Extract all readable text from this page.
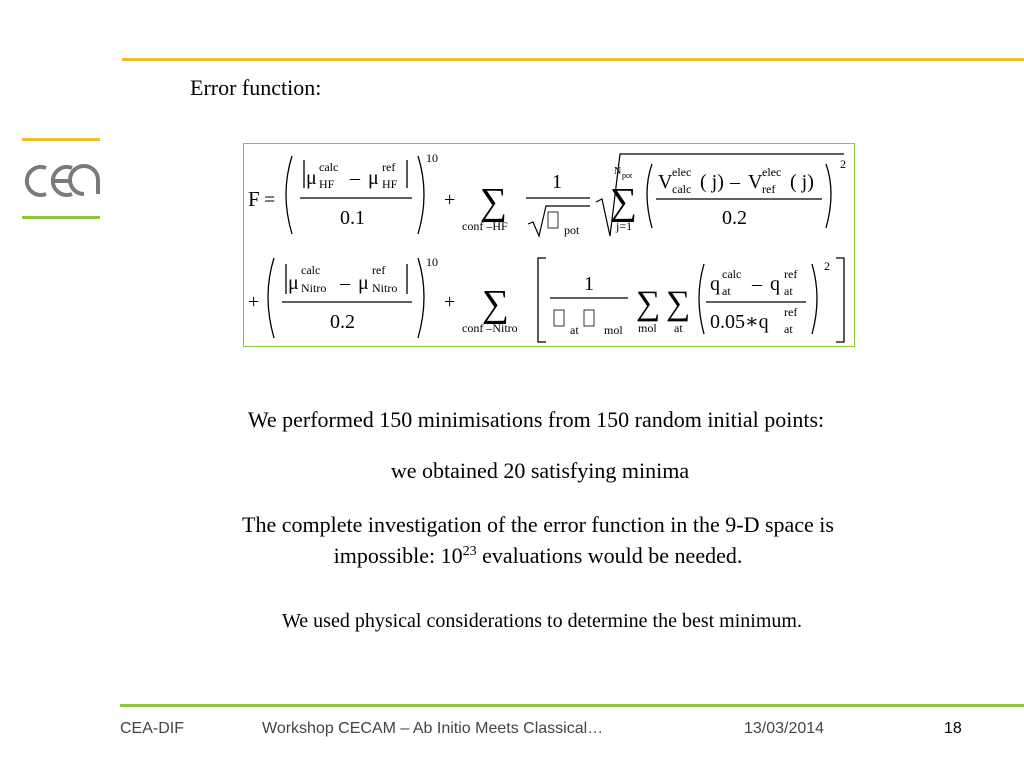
Error function:
F =
μ calc
HF – μ ref
HF
0.1
10
+ ∑
conf –HF
1
pot
N pot
∑
j=1
V elec
calc ( j) – V elec
ref ( j)
0.2
2
+
μ
calc
Nitro – μ
ref
Nitro
0.2
10
+ ∑
conf –Nitro
1
at mol
∑
mol
∑
at
q calc
at – q ref
at
0.05∗q ref
at
2
We performed 150 minimisations from 150 random initial points:
we obtained 20 satisfying minima
The complete investigation of the error function in the 9-D space is
impossible: $10^{23}$ evaluations would be needed.
We used physical considerations to determine the best minimum.
CEA-DIF	Workshop CECAM – Ab Initio Meets Classical…	13/03/2014	18
